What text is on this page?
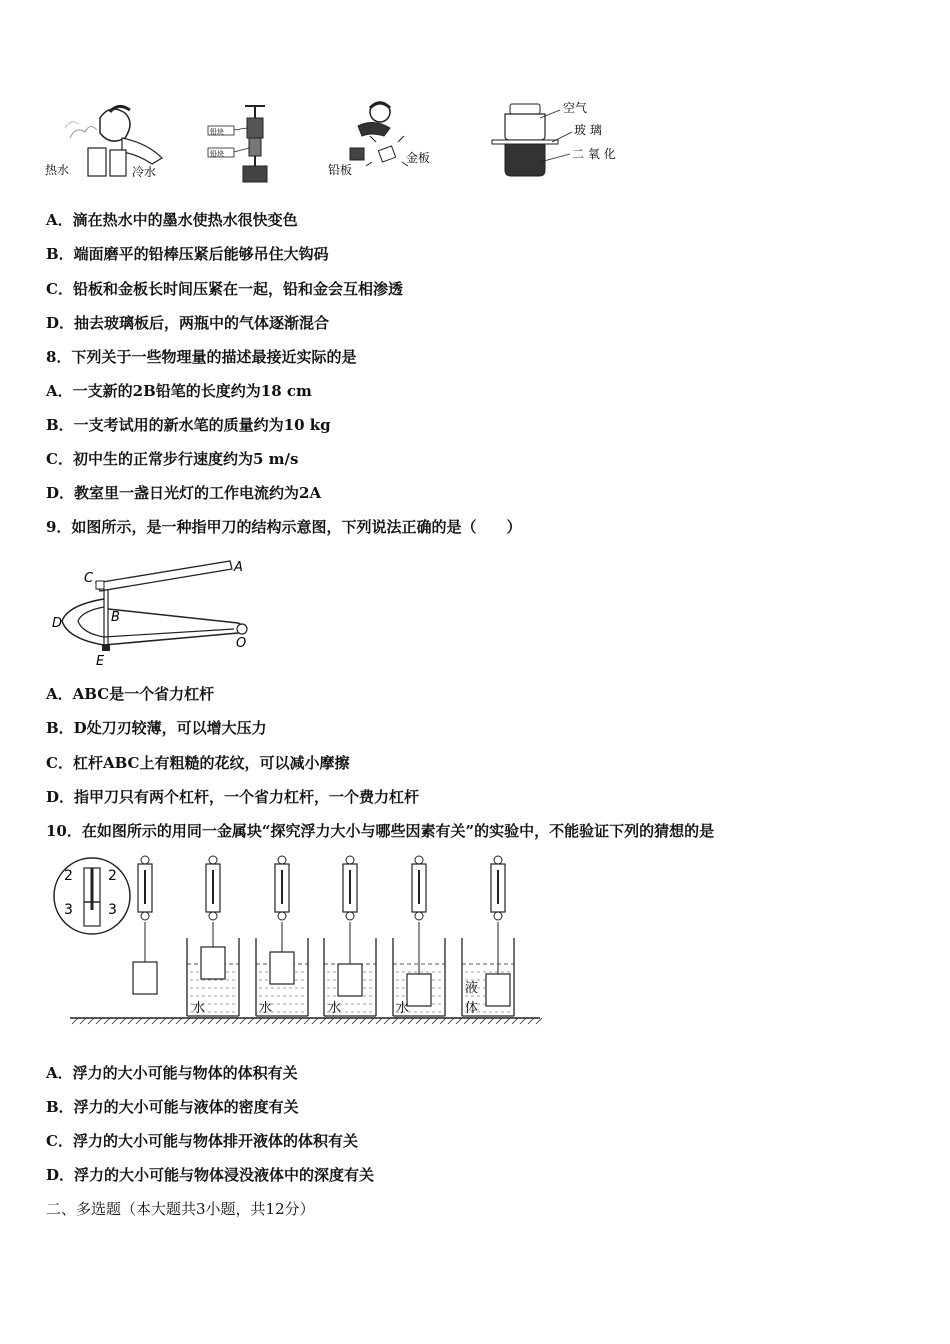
热水	冷水
铅块
铅块
铅板
金板
空气
玻 璃
二 氧 化
A．滴在热水中的墨水使热水很快变色
B．端面磨平的铅棒压紧后能够吊住大钩码
C．铅板和金板长时间压紧在一起，铅和金会互相渗透
D．抽去玻璃板后，两瓶中的气体逐渐混合
8．下列关于一些物理量的描述最接近实际的是
A．一支新的2B铅笔的长度约为18 cm
B．一支考试用的新水笔的质量约为10 kg
C．初中生的正常步行速度约为5 m/s
D．教室里一盏日光灯的工作电流约为2A
9．如图所示，是一种指甲刀的结构示意图，下列说法正确的是（　　）
C
A
B
D
O
E
A．ABC是一个省力杠杆
B．D处刀刃较薄，可以增大压力
C．杠杆ABC上有粗糙的花纹，可以减小摩擦
D．指甲刀只有两个杠杆，一个省力杠杆，一个费力杠杆
10．在如图所示的用同一金属块“探究浮力大小与哪些因素有关”的实验中，不能验证下列的猜想的是
2
3
2
3
水	水	水	水
液
体
A．浮力的大小可能与物体的体积有关
B．浮力的大小可能与液体的密度有关
C．浮力的大小可能与物体排开液体的体积有关
D．浮力的大小可能与物体浸没液体中的深度有关
二、多选题（本大题共3小题，共12分）
